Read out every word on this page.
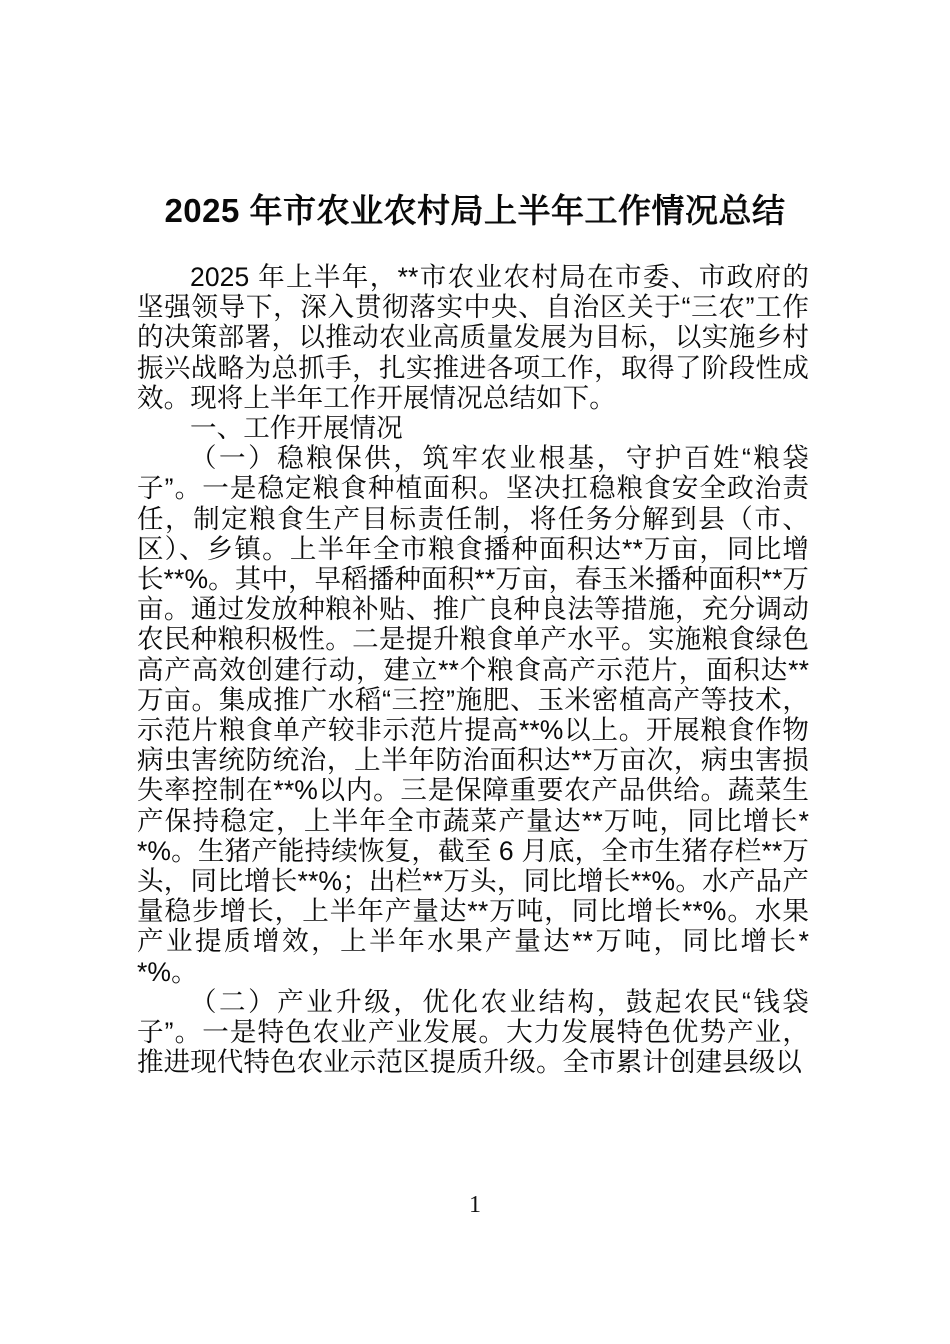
2025 年市农业农村局上半年工作情况总结

2025 年上半年，**市农业农村局在市委、市政府的坚强领导下，深入贯彻落实中央、自治区关于“三农”工作的决策部署，以推动农业高质量发展为目标，以实施乡村振兴战略为总抓手，扎实推进各项工作，取得了阶段性成效。现将上半年工作开展情况总结如下。

一、工作开展情况

（一）稳粮保供，筑牢农业根基，守护百姓“粮袋子”。一是稳定粮食种植面积。坚决扛稳粮食安全政治责任，制定粮食生产目标责任制，将任务分解到县（市、区）、乡镇。上半年全市粮食播种面积达**万亩，同比增长**%。其中，早稻播种面积**万亩，春玉米播种面积**万亩。通过发放种粮补贴、推广良种良法等措施，充分调动农民种粮积极性。二是提升粮食单产水平。实施粮食绿色高产高效创建行动，建立**个粮食高产示范片，面积达**万亩。集成推广水稻“三控”施肥、玉米密植高产等技术，示范片粮食单产较非示范片提高**%以上。开展粮食作物病虫害统防统治，上半年防治面积达**万亩次，病虫害损失率控制在**%以内。三是保障重要农产品供给。蔬菜生产保持稳定，上半年全市蔬菜产量达**万吨，同比增长**%。生猪产能持续恢复，截至 6 月底，全市生猪存栏**万头，同比增长**%；出栏**万头，同比增长**%。水产品产量稳步增长，上半年产量达**万吨，同比增长**%。水果产业提质增效，上半年水果产量达**万吨，同比增长**%。

（二）产业升级，优化农业结构，鼓起农民“钱袋子”。一是特色农业产业发展。大力发展特色优势产业，推进现代特色农业示范区提质升级。全市累计创建县级以

1
